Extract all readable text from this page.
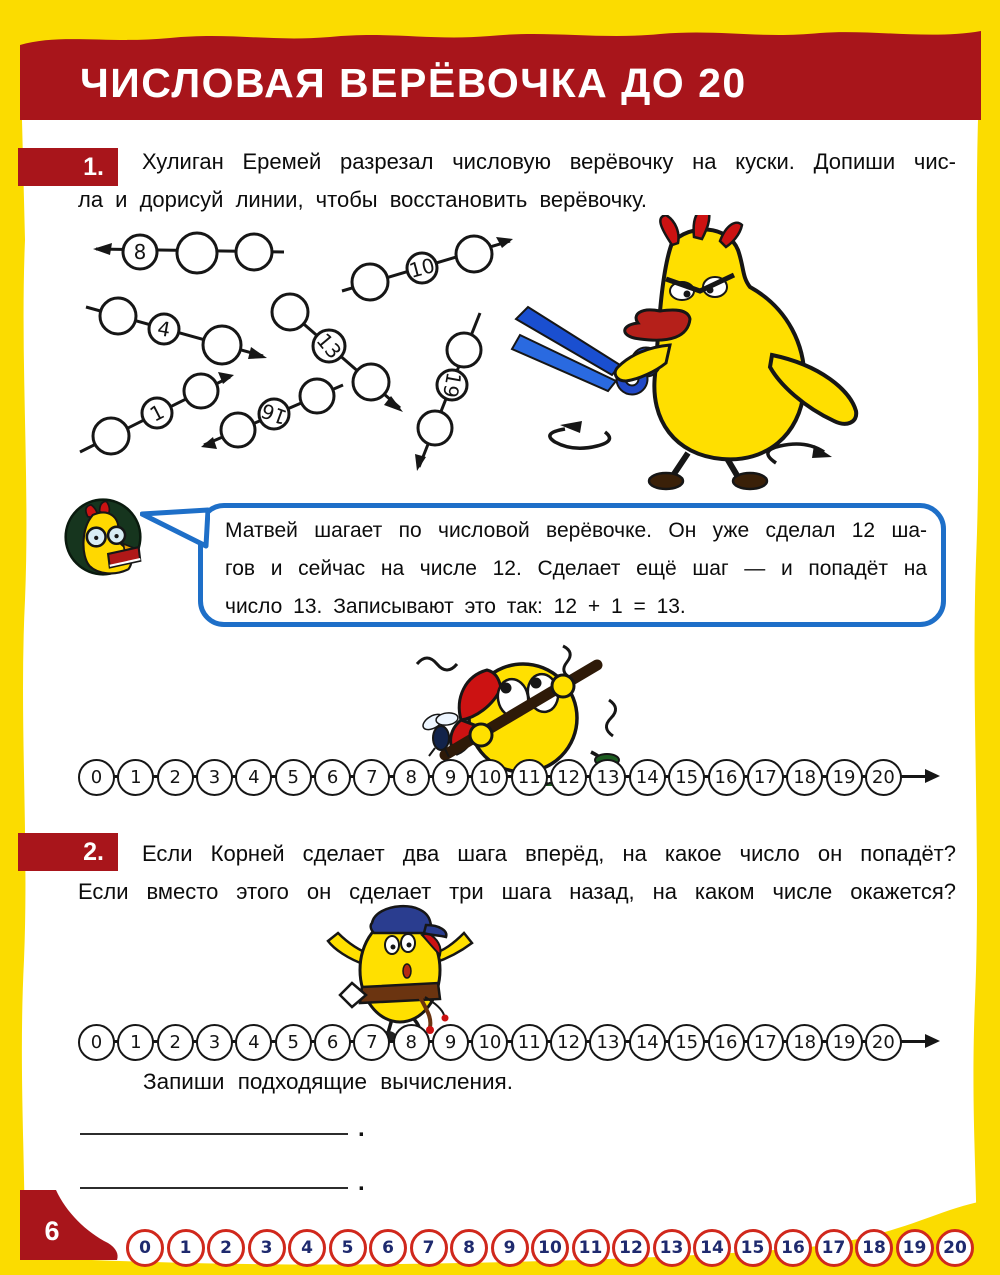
ЧИСЛОВАЯ ВЕРЁВОЧКА ДО 20
1.	Хулиган Еремей разрезал числовую верёвочку на куски. Допиши чис-
ла и дорисуй линии, чтобы восстановить верёвочку.
8
10
4	13
19
1	16
Матвей шагает по числовой верёвочке. Он уже сделал 12 ша-
гов и сейчас на числе 12. Сделает ещё шаг — и попадёт на
число 13. Записывают это так: 12 + 1 = 13.
0 1 2 3 4 5 6 7 8 9 10 11 12 13 14 15 16 17 18 19 20
2.	Если Корней сделает два шага вперёд, на какое число он попадёт?
Если вместо этого он сделает три шага назад, на каком числе окажется?
0 1 2 3 4 5 6 7 8 9 10 11 12 13 14 15 16 17 18 19 20
Запиши подходящие вычисления.
.
.
6
0 1 2 3 4 5 6 7 8 9 10 11 12 13 14 15 16 17 18 19 20
